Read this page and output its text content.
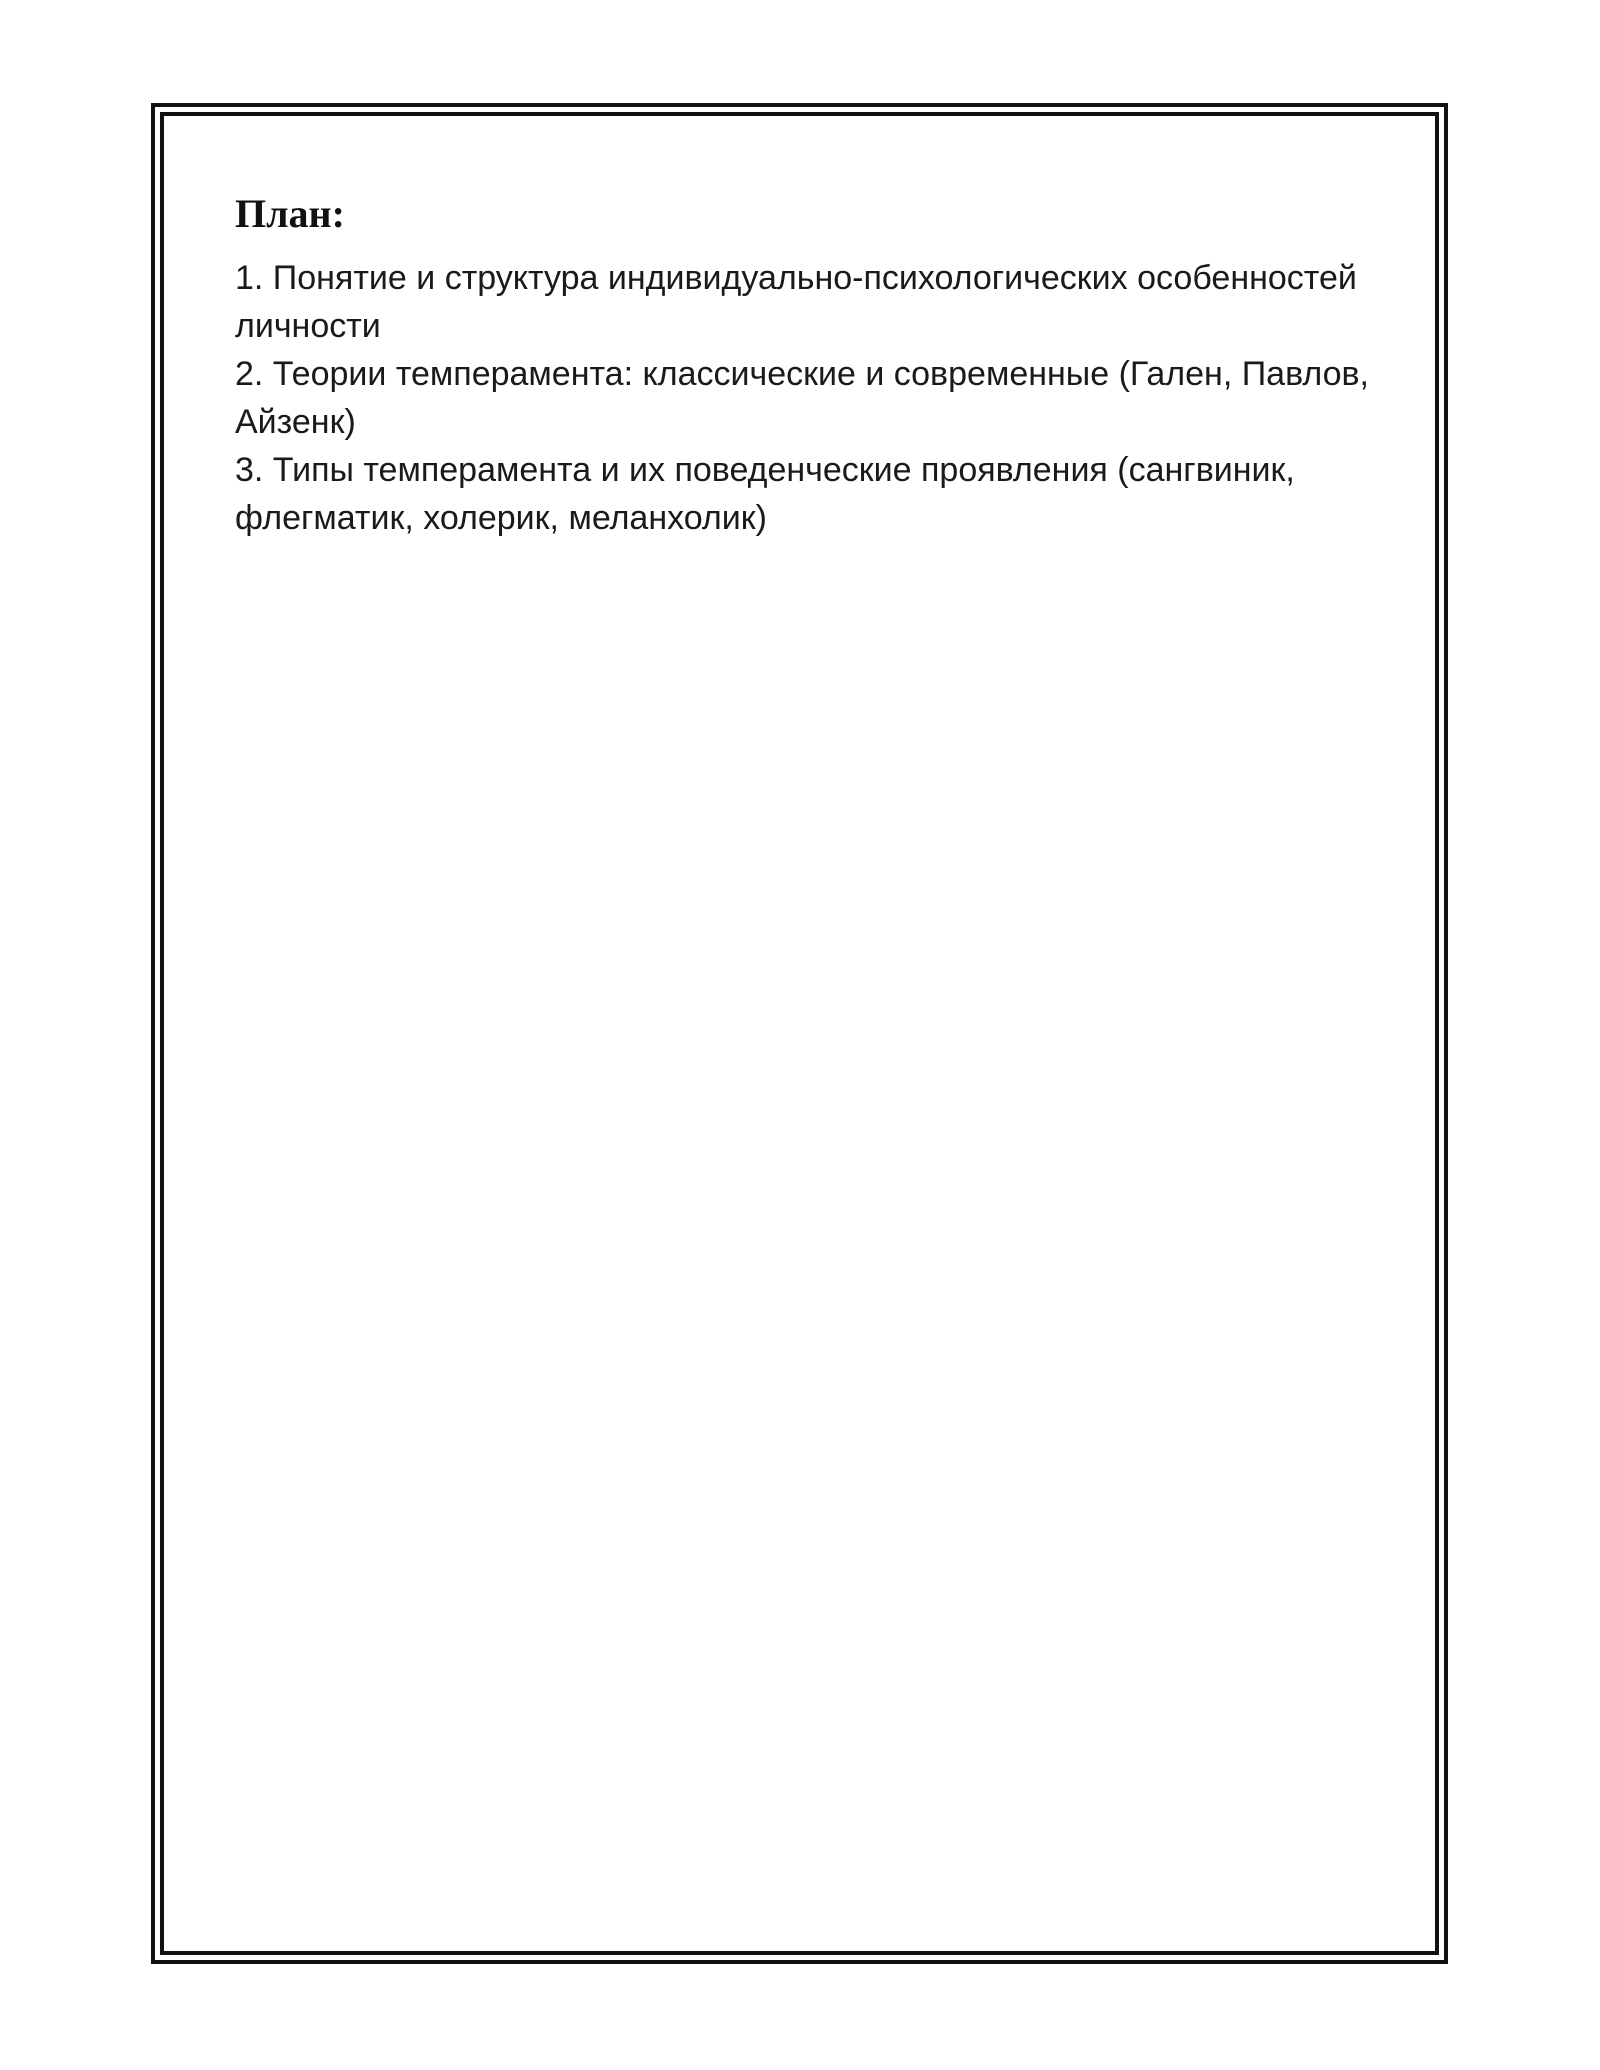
План:
1. Понятие и структура индивидуально-психологических особенностей личности
2. Теории темперамента: классические и современные (Гален, Павлов, Айзенк)
3. Типы темперамента и их поведенческие проявления (сангвиник, флегматик, холерик, меланхолик)
